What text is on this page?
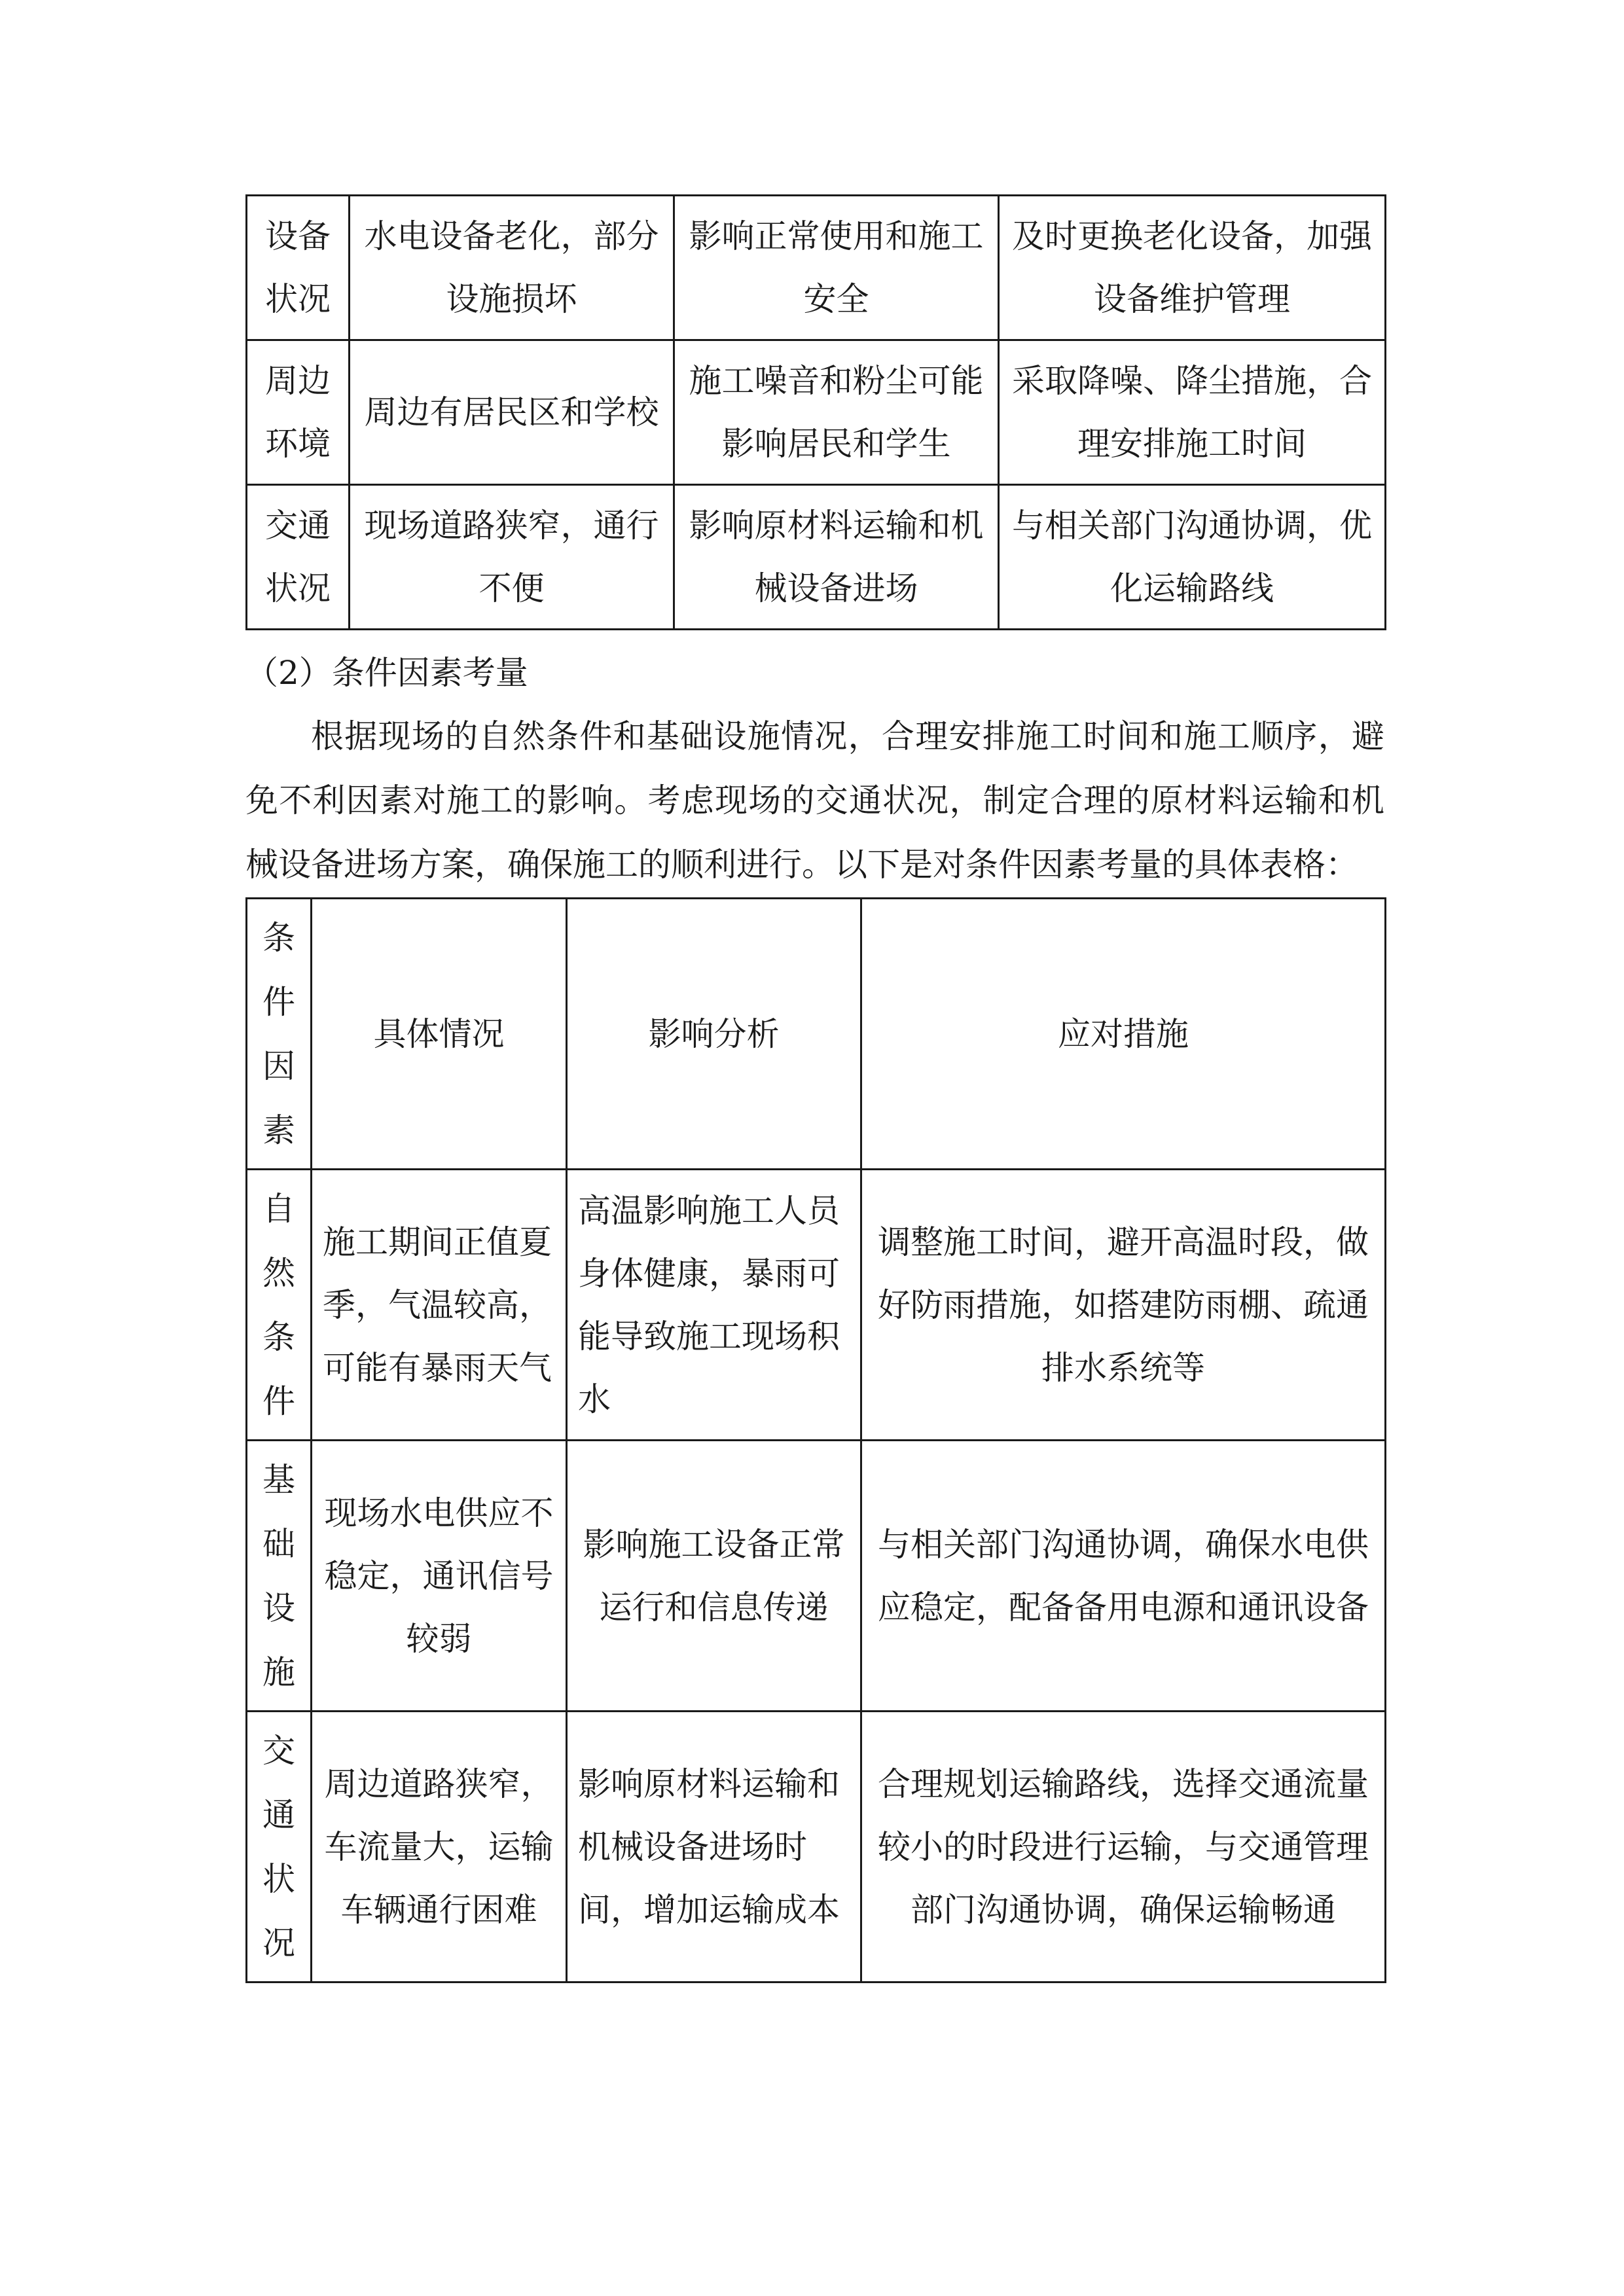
设备状况	水电设备老化，部分设施损坏	影响正常使用和施工安全	及时更换老化设备，加强设备维护管理
周边环境	周边有居民区和学校	施工噪音和粉尘可能影响居民和学生	采取降噪、降尘措施，合理安排施工时间
交通状况	现场道路狭窄，通行不便	影响原材料运输和机械设备进场	与相关部门沟通协调，优化运输路线

（2）条件因素考量

根据现场的自然条件和基础设施情况，合理安排施工时间和施工顺序，避免不利因素对施工的影响。考虑现场的交通状况，制定合理的原材料运输和机械设备进场方案，确保施工的顺利进行。以下是对条件因素考量的具体表格：

条件因素	具体情况	影响分析	应对措施
自然条件	施工期间正值夏季，气温较高，可能有暴雨天气	高温影响施工人员身体健康，暴雨可能导致施工现场积水	调整施工时间，避开高温时段，做好防雨措施，如搭建防雨棚、疏通排水系统等
基础设施	现场水电供应不稳定，通讯信号较弱	影响施工设备正常运行和信息传递	与相关部门沟通协调，确保水电供应稳定，配备备用电源和通讯设备
交通状况	周边道路狭窄，车流量大，运输车辆通行困难	影响原材料运输和机械设备进场时间，增加运输成本	合理规划运输路线，选择交通流量较小的时段进行运输，与交通管理部门沟通协调，确保运输畅通
